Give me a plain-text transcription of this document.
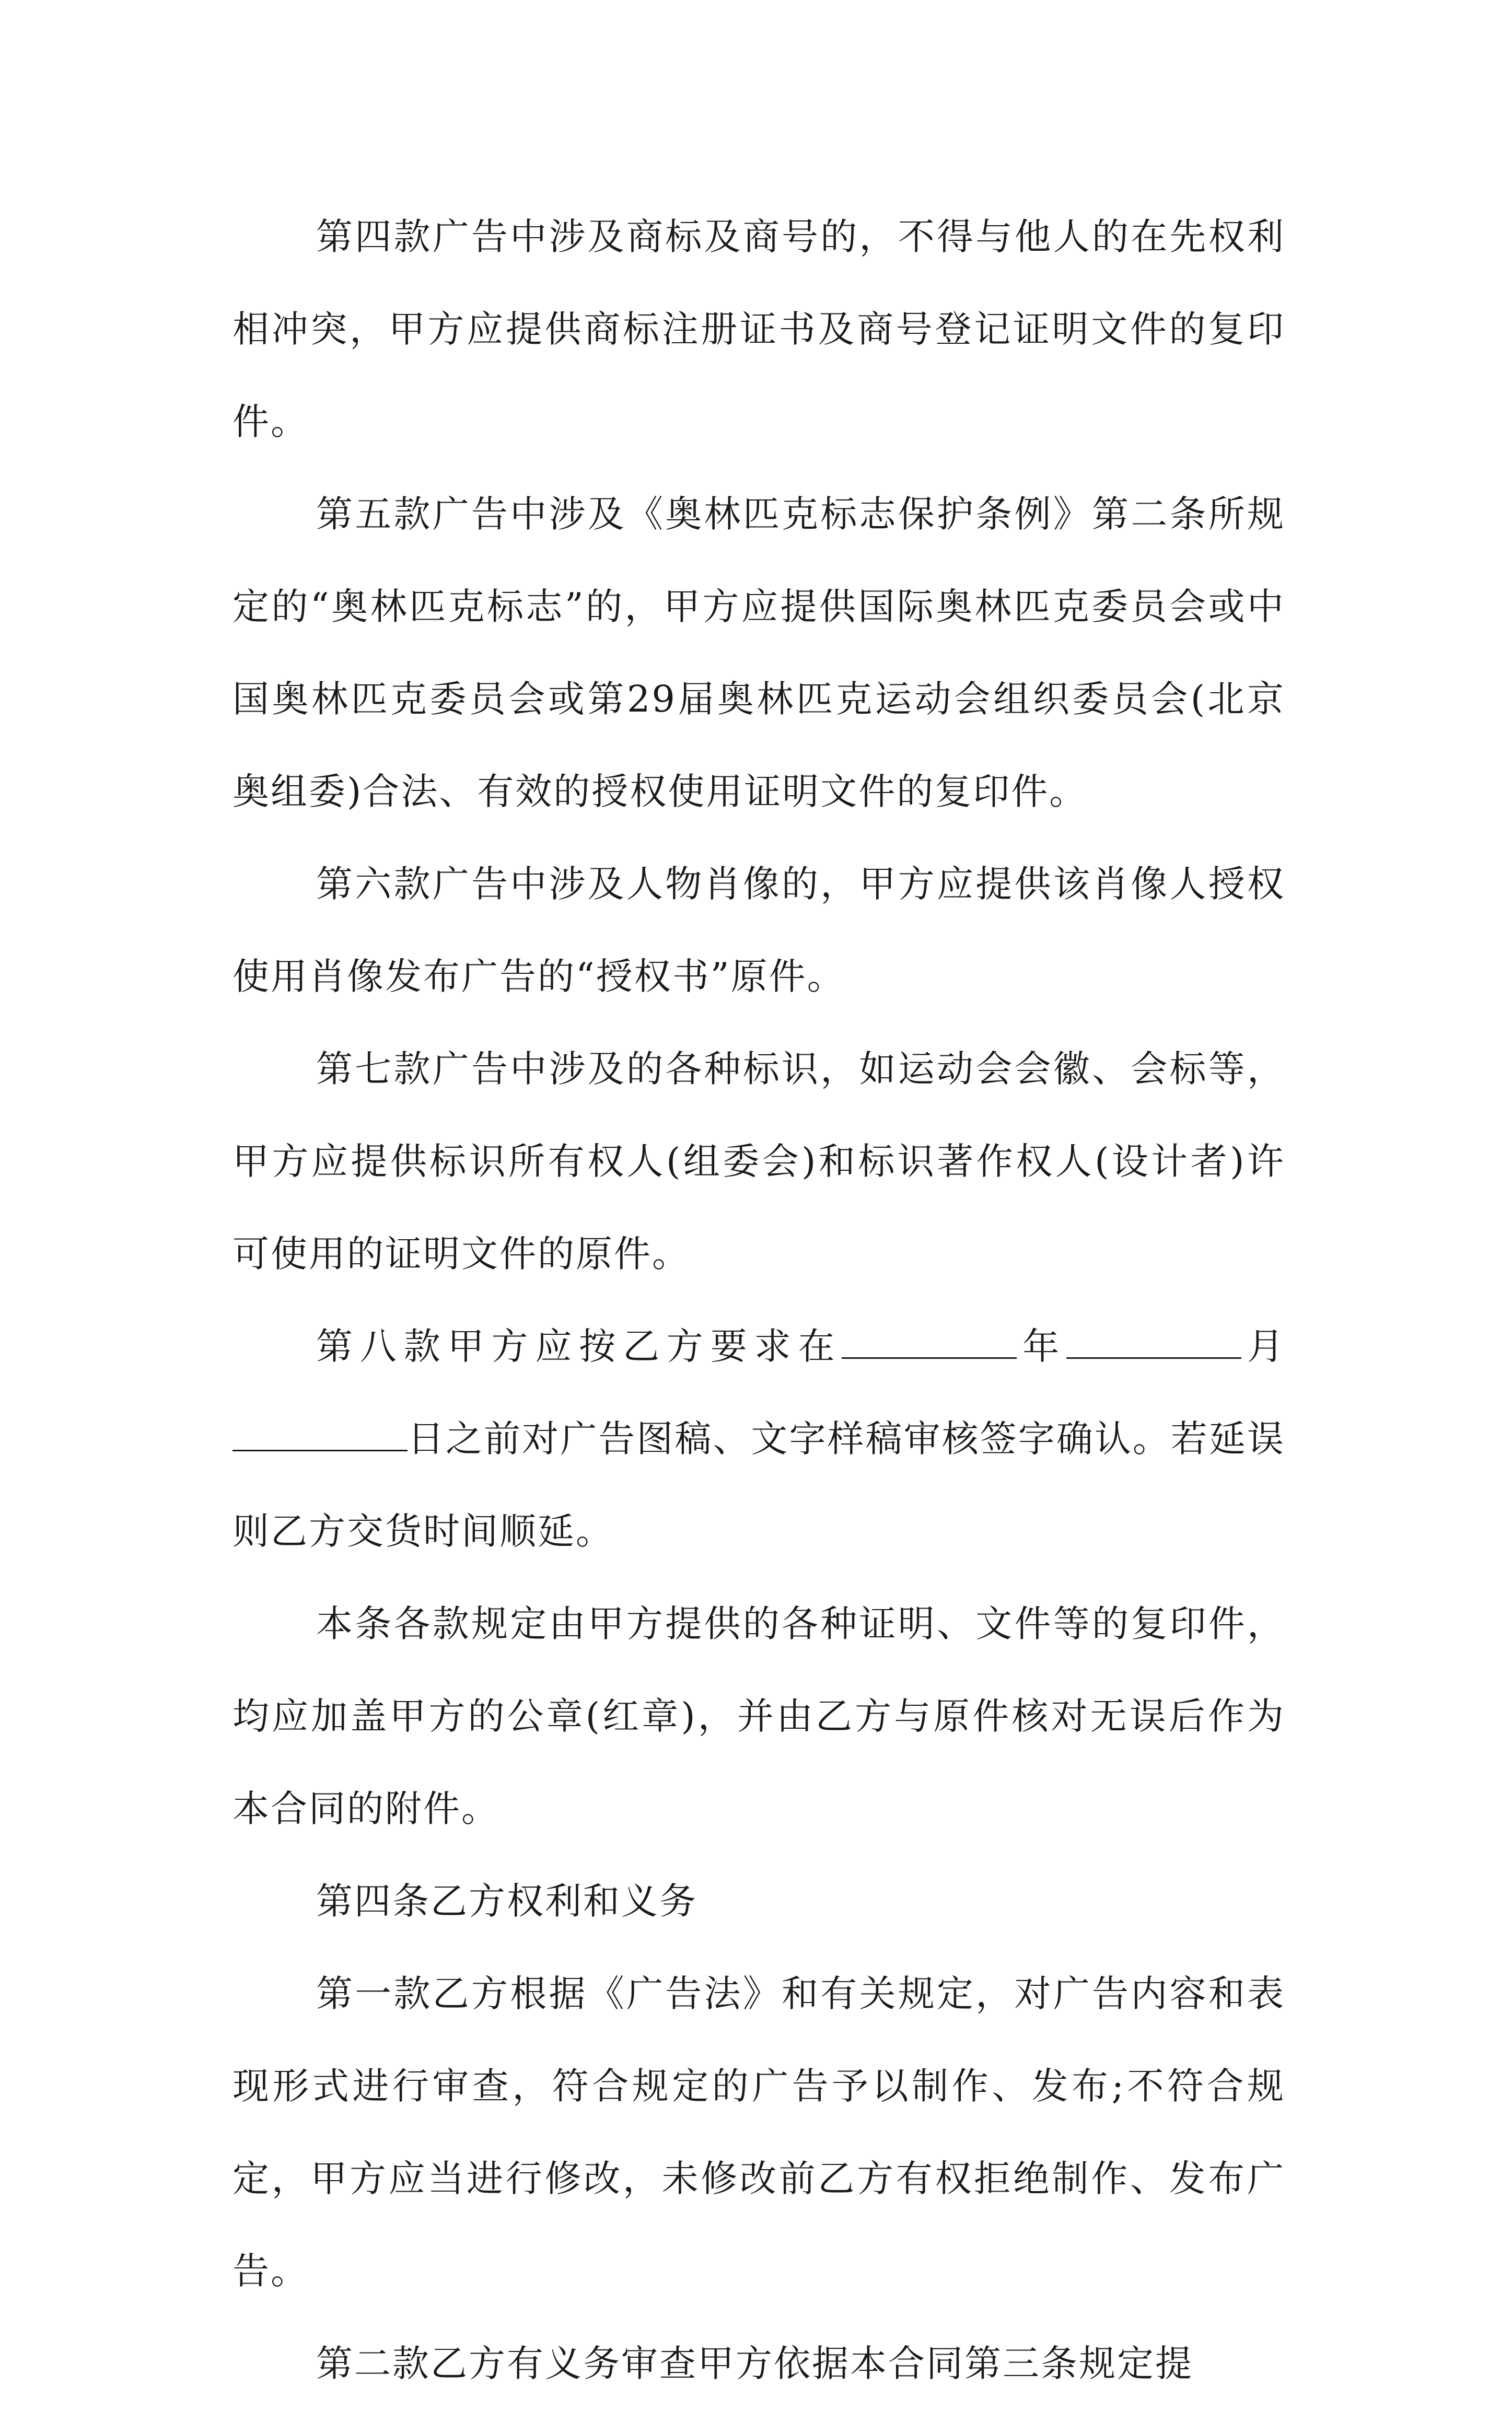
第四款广告中涉及商标及商号的，不得与他人的在先权利相冲突，甲方应提供商标注册证书及商号登记证明文件的复印件。

第五款广告中涉及《奥林匹克标志保护条例》第二条所规定的“奥林匹克标志”的，甲方应提供国际奥林匹克委员会或中国奥林匹克委员会或第29届奥林匹克运动会组织委员会(北京奥组委)合法、有效的授权使用证明文件的复印件。

第六款广告中涉及人物肖像的，甲方应提供该肖像人授权使用肖像发布广告的“授权书”原件。

第七款广告中涉及的各种标识，如运动会会徽、会标等，甲方应提供标识所有权人(组委会)和标识著作权人(设计者)许可使用的证明文件的原件。

第八款甲方应按乙方要求在	年	月日之前对广告图稿、文字样稿审核签字确认。若延误则乙方交货时间顺延。

本条各款规定由甲方提供的各种证明、文件等的复印件，均应加盖甲方的公章(红章)，并由乙方与原件核对无误后作为本合同的附件。

第四条乙方权利和义务

第一款乙方根据《广告法》和有关规定，对广告内容和表现形式进行审查，符合规定的广告予以制作、发布;不符合规定，甲方应当进行修改，未修改前乙方有权拒绝制作、发布广告。

第二款乙方有义务审查甲方依据本合同第三条规定提
